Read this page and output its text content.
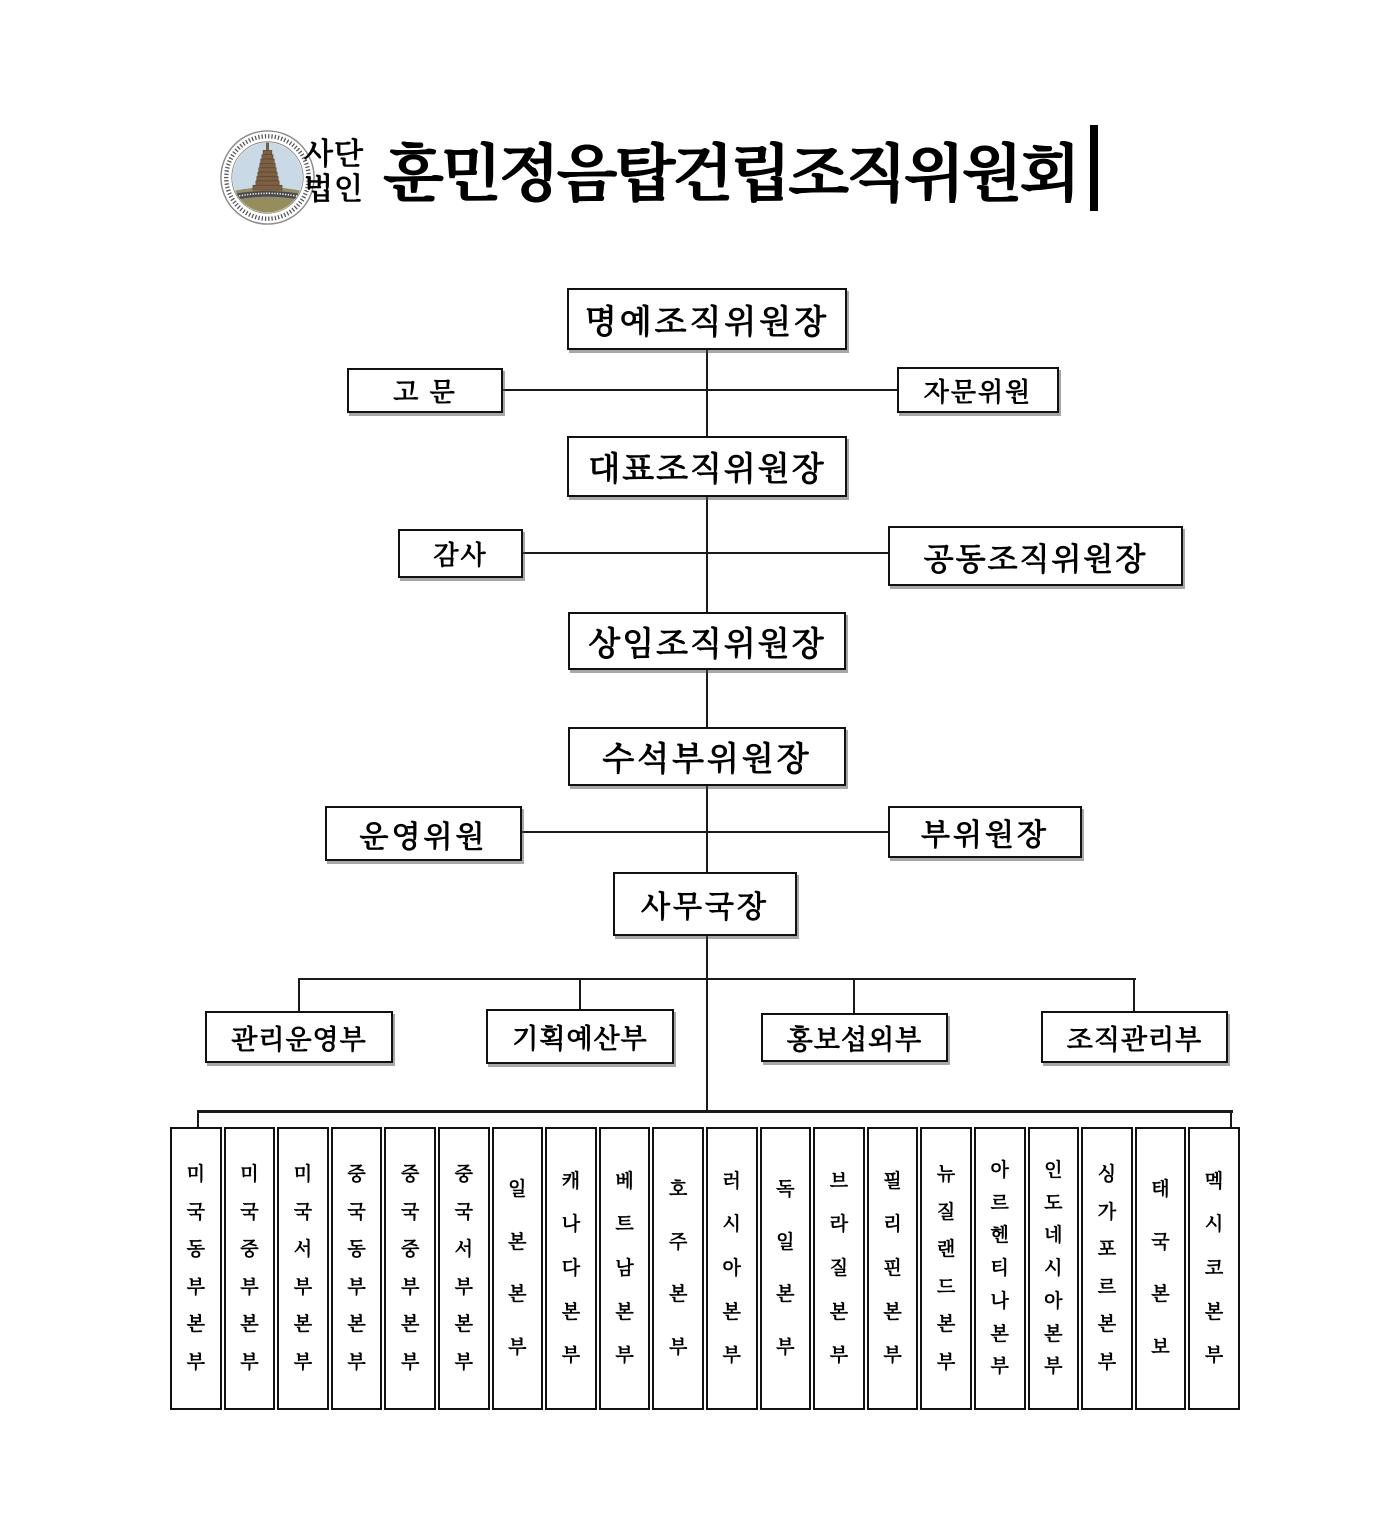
사단
법인 훈민정음탑건립조직위원회
명예조직위원장
고 문	자문위원
대표조직위원장
감사	공동조직위원장
상임조직위원장
수석부위원장
운영위원	부위원장
사무국장
관리운영부	기획예산부	홍보섭외부	조직관리부
미
국
동
부
본
부
미
국
중
부
본
부
미
국
서
부
본
부
중
국
동
부
본
부
중
국
중
부
본
부
중
국
서
부
본
부
일
본
본
부
캐
나
다
본
부
베
트
남
본
부
호
주
본
부
러
시
아
본
부
독
일
본
부
브
라
질
본
부
필
리
핀
본
부
뉴
질
랜
드
본
부
아
르
헨
티
나
본
부
인
도
네
시
아
본
부
싱
가
포
르
본
부
태
국
본
보
멕
시
코
본
부
